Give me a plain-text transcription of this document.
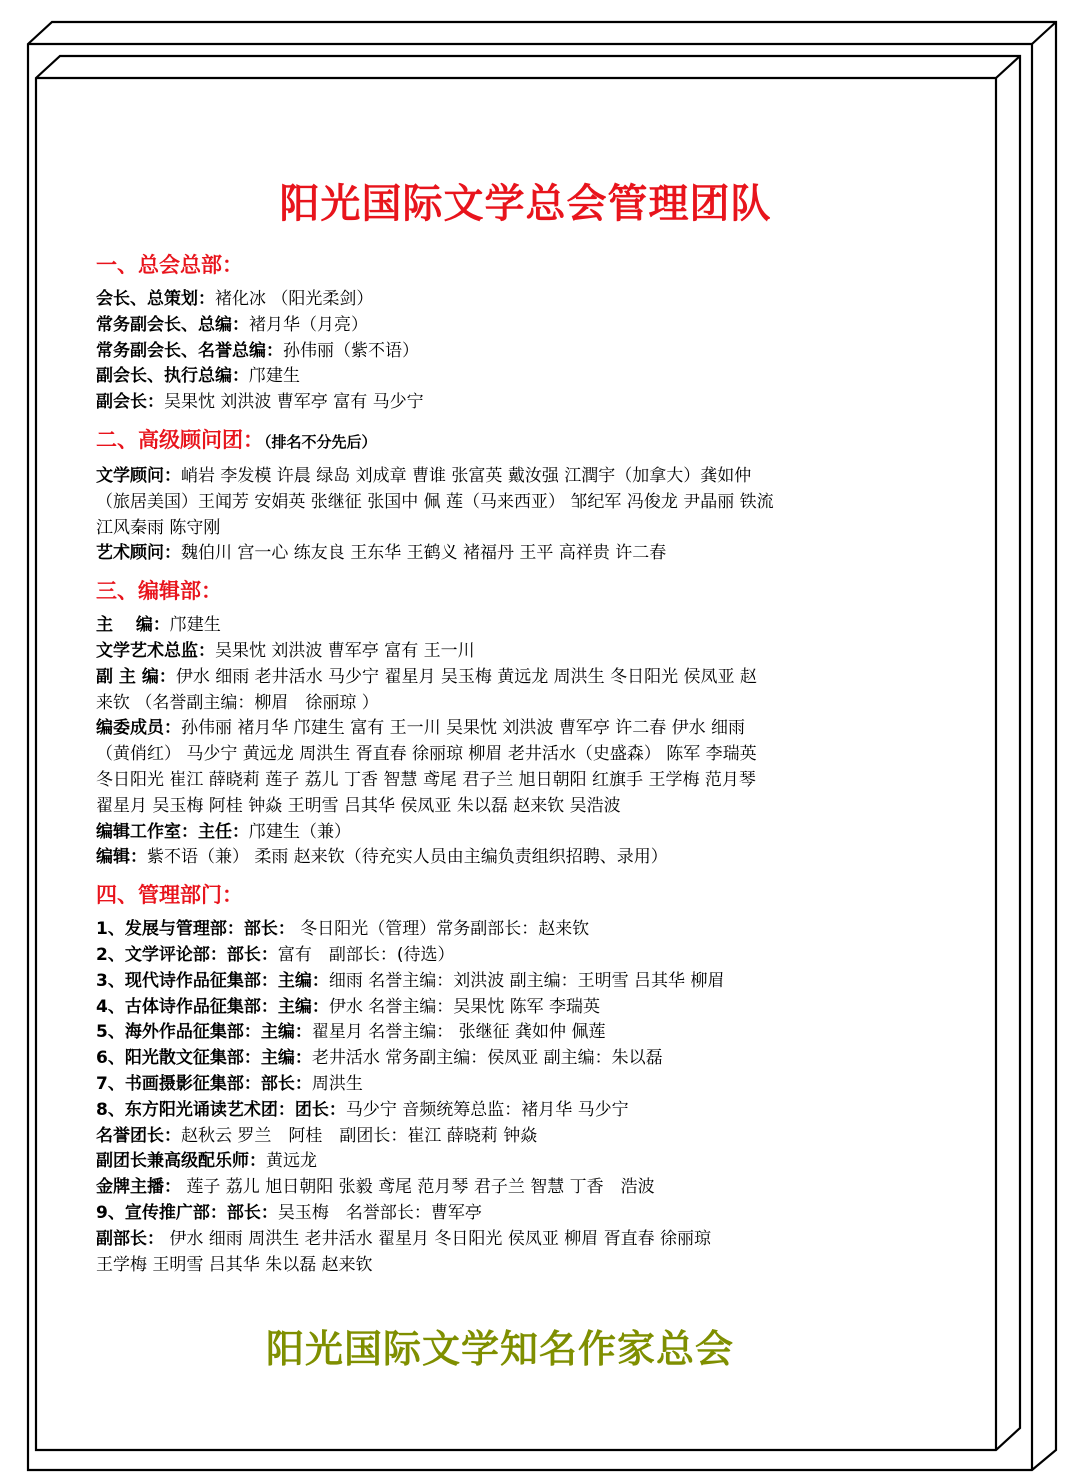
阳光国际文学总会管理团队
一、总会总部：
会长、总策划：褚化冰 （阳光柔剑）
常务副会长、总编：褚月华（月亮）
常务副会长、名誉总编：孙伟丽（紫不语）
副会长、执行总编：邝建生
副会长：吴果忱 刘洪波 曹军亭 富有 马少宁
二、高级顾问团：（排名不分先后）
文学顾问：峭岩 李发模 许晨 绿岛 刘成章 曹谁 张富英 戴汝强 江潤宇（加拿大）龚如仲
（旅居美国）王闻芳 安娟英 张继征 张国中 佩 莲（马来西亚） 邹纪军 冯俊龙 尹晶丽 铁流
江风秦雨 陈守刚
艺术顾问：魏伯川 宫一心 练友良 王东华 王鹤义 褚福丹 王平 高祥贵 许二春
三、编辑部：
主　 编：邝建生
文学艺术总监：吴果忱 刘洪波 曹军亭 富有 王一川
副 主 编：伊水 细雨 老井活水 马少宁 翟星月 吴玉梅 黄远龙 周洪生 冬日阳光 侯凤亚 赵
来钦 （名誉副主编：柳眉　徐丽琼 ）
编委成员：孙伟丽 褚月华 邝建生 富有 王一川 吴果忱 刘洪波 曹军亭 许二春 伊水 细雨
（黄俏红） 马少宁 黄远龙 周洪生 胥直春 徐丽琼 柳眉 老井活水（史盛森） 陈军 李瑞英
冬日阳光 崔江 薛晓莉 莲子 荔儿 丁香 智慧 鸢尾 君子兰 旭日朝阳 红旗手 王学梅 范月琴
翟星月 吴玉梅 阿桂 钟焱 王明雪 吕其华 侯凤亚 朱以磊 赵来钦 吴浩波
编辑工作室：主任：邝建生（兼）
编辑：紫不语（兼） 柔雨 赵来钦（待充实人员由主编负责组织招聘、录用）
四、管理部门：
1、发展与管理部：部长： 冬日阳光（管理）常务副部长：赵来钦
2、文学评论部：部长：富有　副部长：(待选）
3、现代诗作品征集部：主编：细雨 名誉主编：刘洪波 副主编：王明雪 吕其华 柳眉
4、古体诗作品征集部：主编：伊水 名誉主编：吴果忱 陈军 李瑞英
5、海外作品征集部：主编：翟星月 名誉主编： 张继征 龚如仲 佩莲
6、阳光散文征集部：主编：老井活水 常务副主编：侯凤亚 副主编：朱以磊
7、书画摄影征集部：部长：周洪生
8、东方阳光诵读艺术团：团长：马少宁 音频统筹总监：褚月华 马少宁
名誉团长：赵秋云 罗兰　阿桂　副团长：崔江 薛晓莉 钟焱
副团长兼高级配乐师：黄远龙
金牌主播： 莲子 荔儿 旭日朝阳 张毅 鸢尾 范月琴 君子兰 智慧 丁香　浩波
9、宣传推广部：部长：吴玉梅　名誉部长：曹军亭
副部长： 伊水 细雨 周洪生 老井活水 翟星月 冬日阳光 侯凤亚 柳眉 胥直春 徐丽琼
王学梅 王明雪 吕其华 朱以磊 赵来钦
阳光国际文学知名作家总会
